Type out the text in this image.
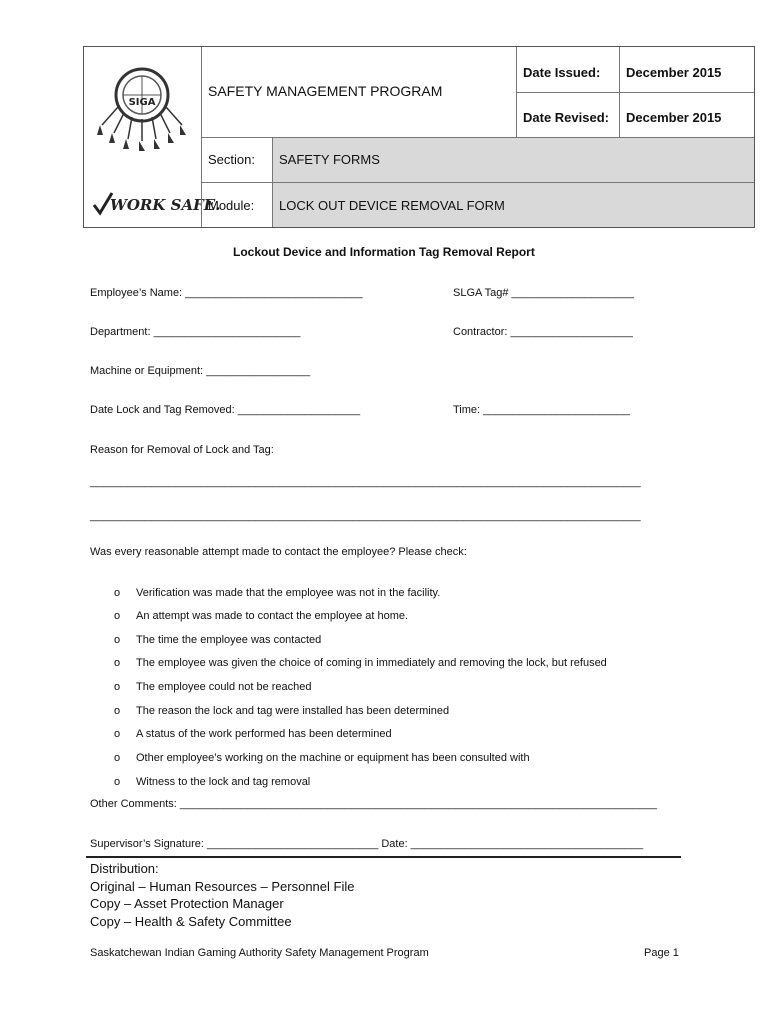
SIGA
WORK SAFE.
SAFETY MANAGEMENT PROGRAM
Date Issued: December 2015
Date Revised: December 2015
Section: SAFETY FORMS
Module: LOCK OUT DEVICE REMOVAL FORM
Lockout Device and Information Tag Removal Report
Employee’s Name: _____________________________	SLGA Tag# ____________________
Department: ________________________	Contractor: ____________________
Machine or Equipment: _________________
Date Lock and Tag Removed: ____________________	Time: ________________________
Reason for Removal of Lock and Tag:
__________________________________________________________________________________________
__________________________________________________________________________________________
Was every reasonable attempt made to contact the employee? Please check:
o Verification was made that the employee was not in the facility.
o An attempt was made to contact the employee at home.
o The time the employee was contacted
o The employee was given the choice of coming in immediately and removing the lock, but refused
o The employee could not be reached
o The reason the lock and tag were installed has been determined
o A status of the work performed has been determined
o Other employee’s working on the machine or equipment has been consulted with
o Witness to the lock and tag removal
Other Comments: ______________________________________________________________________________
Supervisor’s Signature: ____________________________ Date: ______________________________________
Distribution:
Original – Human Resources – Personnel File
Copy – Asset Protection Manager
Copy – Health & Safety Committee
Saskatchewan Indian Gaming Authority Safety Management Program	Page 1
